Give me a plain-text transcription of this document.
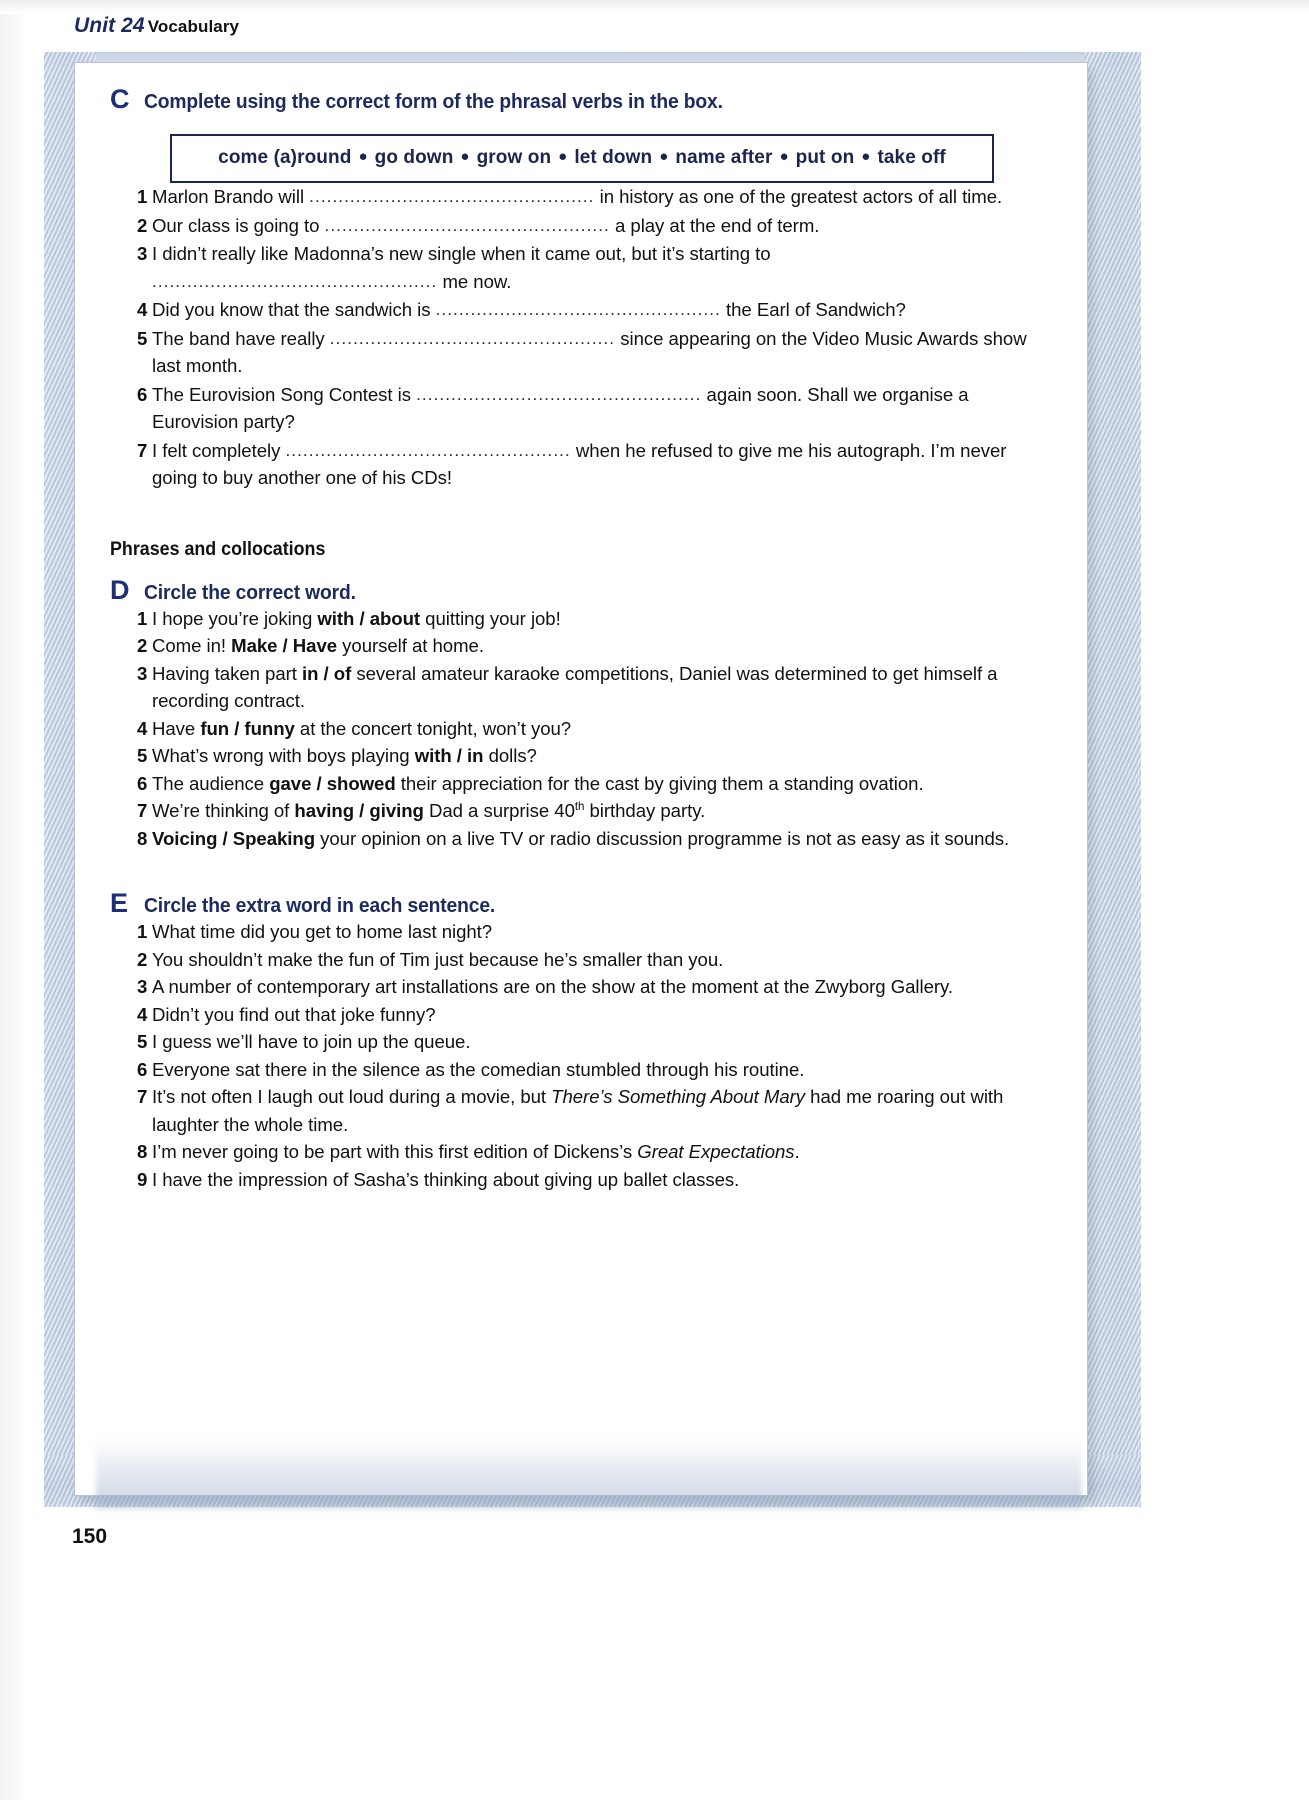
Unit 24 Vocabulary
C Complete using the correct form of the phrasal verbs in the box.
come (a)round ● go down ● grow on ● let down ● name after ● put on ● take off
1 Marlon Brando will ................................................. in history as one of the greatest actors of all time.
2 Our class is going to ................................................. a play at the end of term.
3 I didn’t really like Madonna’s new single when it came out, but it’s starting to ................................................. me now.
4 Did you know that the sandwich is ................................................. the Earl of Sandwich?
5 The band have really ................................................. since appearing on the Video Music Awards show last month.
6 The Eurovision Song Contest is ................................................. again soon. Shall we organise a Eurovision party?
7 I felt completely ................................................. when he refused to give me his autograph. I’m never going to buy another one of his CDs!
Phrases and collocations
D Circle the correct word.
1 I hope you’re joking with / about quitting your job!
2 Come in! Make / Have yourself at home.
3 Having taken part in / of several amateur karaoke competitions, Daniel was determined to get himself a recording contract.
4 Have fun / funny at the concert tonight, won’t you?
5 What’s wrong with boys playing with / in dolls?
6 The audience gave / showed their appreciation for the cast by giving them a standing ovation.
7 We’re thinking of having / giving Dad a surprise 40th birthday party.
8 Voicing / Speaking your opinion on a live TV or radio discussion programme is not as easy as it sounds.
E Circle the extra word in each sentence.
1 What time did you get to home last night?
2 You shouldn’t make the fun of Tim just because he’s smaller than you.
3 A number of contemporary art installations are on the show at the moment at the Zwyborg Gallery.
4 Didn’t you find out that joke funny?
5 I guess we’ll have to join up the queue.
6 Everyone sat there in the silence as the comedian stumbled through his routine.
7 It’s not often I laugh out loud during a movie, but There’s Something About Mary had me roaring out with laughter the whole time.
8 I’m never going to be part with this first edition of Dickens’s Great Expectations.
9 I have the impression of Sasha’s thinking about giving up ballet classes.
150
